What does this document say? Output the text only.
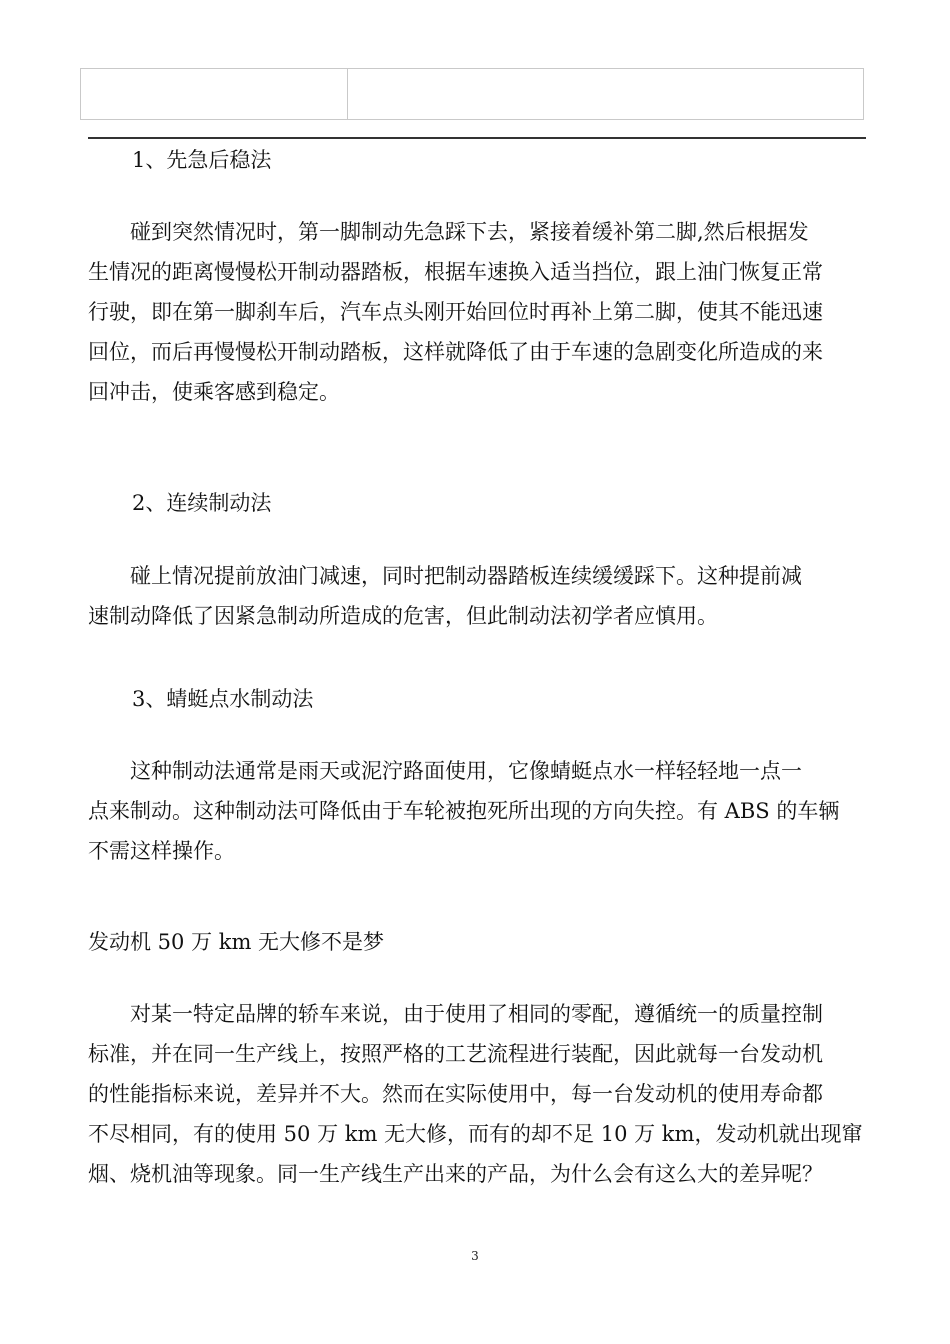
1、先急后稳法

　　碰到突然情况时，第一脚制动先急踩下去，紧接着缓补第二脚,然后根据发
生情况的距离慢慢松开制动器踏板，根据车速换入适当挡位，跟上油门恢复正常
行驶，即在第一脚刹车后，汽车点头刚开始回位时再补上第二脚，使其不能迅速
回位，而后再慢慢松开制动踏板，这样就降低了由于车速的急剧变化所造成的来
回冲击，使乘客感到稳定。

2、连续制动法

　　碰上情况提前放油门减速，同时把制动器踏板连续缓缓踩下。这种提前减
速制动降低了因紧急制动所造成的危害，但此制动法初学者应慎用。

3、蜻蜓点水制动法

　　这种制动法通常是雨天或泥泞路面使用，它像蜻蜓点水一样轻轻地一点一
点来制动。这种制动法可降低由于车轮被抱死所出现的方向失控。有 ABS 的车辆
不需这样操作。

发动机 50 万 km 无大修不是梦

　　对某一特定品牌的轿车来说，由于使用了相同的零配，遵循统一的质量控制
标准，并在同一生产线上，按照严格的工艺流程进行装配，因此就每一台发动机
的性能指标来说，差异并不大。然而在实际使用中，每一台发动机的使用寿命都
不尽相同，有的使用 50 万 km 无大修，而有的却不足 10 万 km，发动机就出现窜
烟、烧机油等现象。同一生产线生产出来的产品，为什么会有这么大的差异呢？
3
